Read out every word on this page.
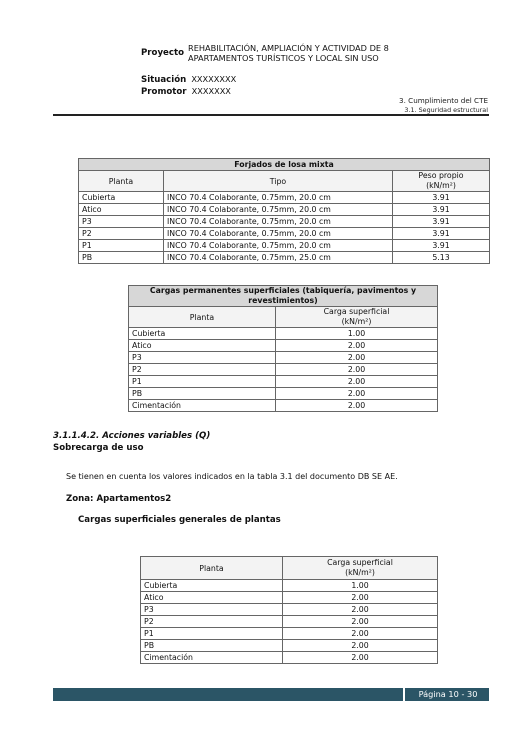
Proyecto REHABILITACIÓN, AMPLIACIÓN Y ACTIVIDAD DE 8
APARTAMENTOS TURÍSTICOS Y LOCAL SIN USO
Situación XXXXXXXX
Promotor XXXXXXX
3. Cumplimiento del CTE
3.1. Seguridad estructural
Forjados de losa mixta		
Planta	Tipo	Peso propio
(kN/m²)

Cubierta	INCO 70.4 Colaborante, 0.75mm, 20.0 cm	3.91
Atico	INCO 70.4 Colaborante, 0.75mm, 20.0 cm	3.91
P3	INCO 70.4 Colaborante, 0.75mm, 20.0 cm	3.91
P2	INCO 70.4 Colaborante, 0.75mm, 20.0 cm	3.91
P1	INCO 70.4 Colaborante, 0.75mm, 20.0 cm	3.91
PB	INCO 70.4 Colaborante, 0.75mm, 25.0 cm	5.13
Cargas permanentes superficiales (tabiquería, pavimentos y
revestimientos)	

Planta	Carga superficial
(kN/m²)

Cubierta	1.00
Atico	2.00
P3	2.00
P2	2.00
P1	2.00
PB	2.00
Cimentación	2.00
3.1.1.4.2. Acciones variables (Q)
Sobrecarga de uso
Se tienen en cuenta los valores indicados en la tabla 3.1 del documento DB SE AE.
Zona: Apartamentos2
Cargas superficiales generales de plantas
Planta	Carga superficial
(kN/m²)

Cubierta	1.00
Atico	2.00
P3	2.00
P2	2.00
P1	2.00
PB	2.00
Cimentación	2.00
Página 10 - 30
